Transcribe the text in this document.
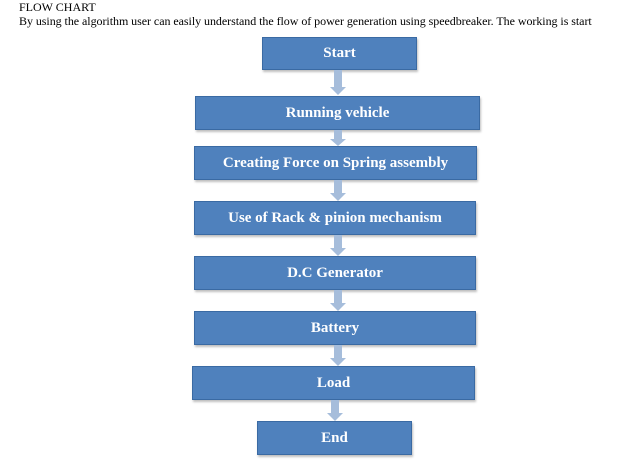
FLOW CHART
By using the algorithm user can easily understand the flow of power generation using speedbreaker. The working is start
Start
Running vehicle
Creating Force on Spring assembly
Use of Rack & pinion mechanism
D.C Generator
Battery
Load
End
